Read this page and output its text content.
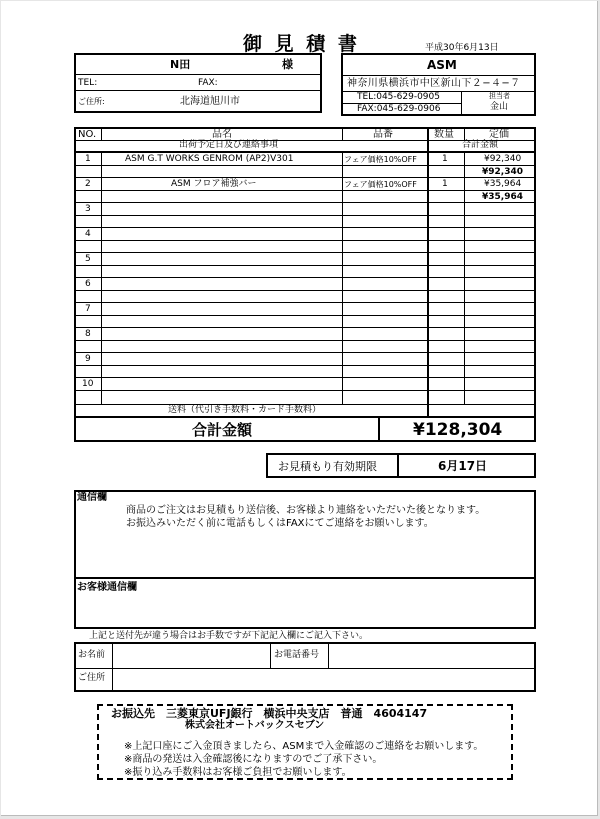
御 見 積 書	平成30年6月13日
N田	様
TEL:	FAX:
ご住所:	北海道旭川市
ASM
神奈川県横浜市中区新山下２−４−７
TEL:045-629-0905
FAX:045-629-0906
担当者
金山
NO.	品名	品番	数量	定価
出荷予定日及び連絡事項	合計金額
1	ASM G.T WORKS GENROM (AP2)V301	フェア価格10%OFF	1	¥92,340
¥92,340
2	ASM フロア補強バー	フェア価格10%OFF	1	¥35,964
¥35,964
3
4
5
6
7
8
9
10
送料（代引き手数料・カード手数料）
合計金額	¥128,304
お見積もり有効期限	6月17日
通信欄
商品のご注文はお見積もり送信後、お客様より連絡をいただいた後となります。
お振込みいただく前に電話もしくはFAXにてご連絡をお願いします。
お客様通信欄
上記と送付先が違う場合はお手数ですが下記記入欄にご記入下さい。
お名前	お電話番号
ご住所
お振込先　三菱東京UFJ銀行　横浜中央支店　普通　4604147
株式会社オートバックスセブン
※上記口座にご入金頂きましたら、ASMまで入金確認のご連絡をお願いします。
※商品の発送は入金確認後になりますのでご了承下さい。
※振り込み手数料はお客様ご負担でお願いします。
